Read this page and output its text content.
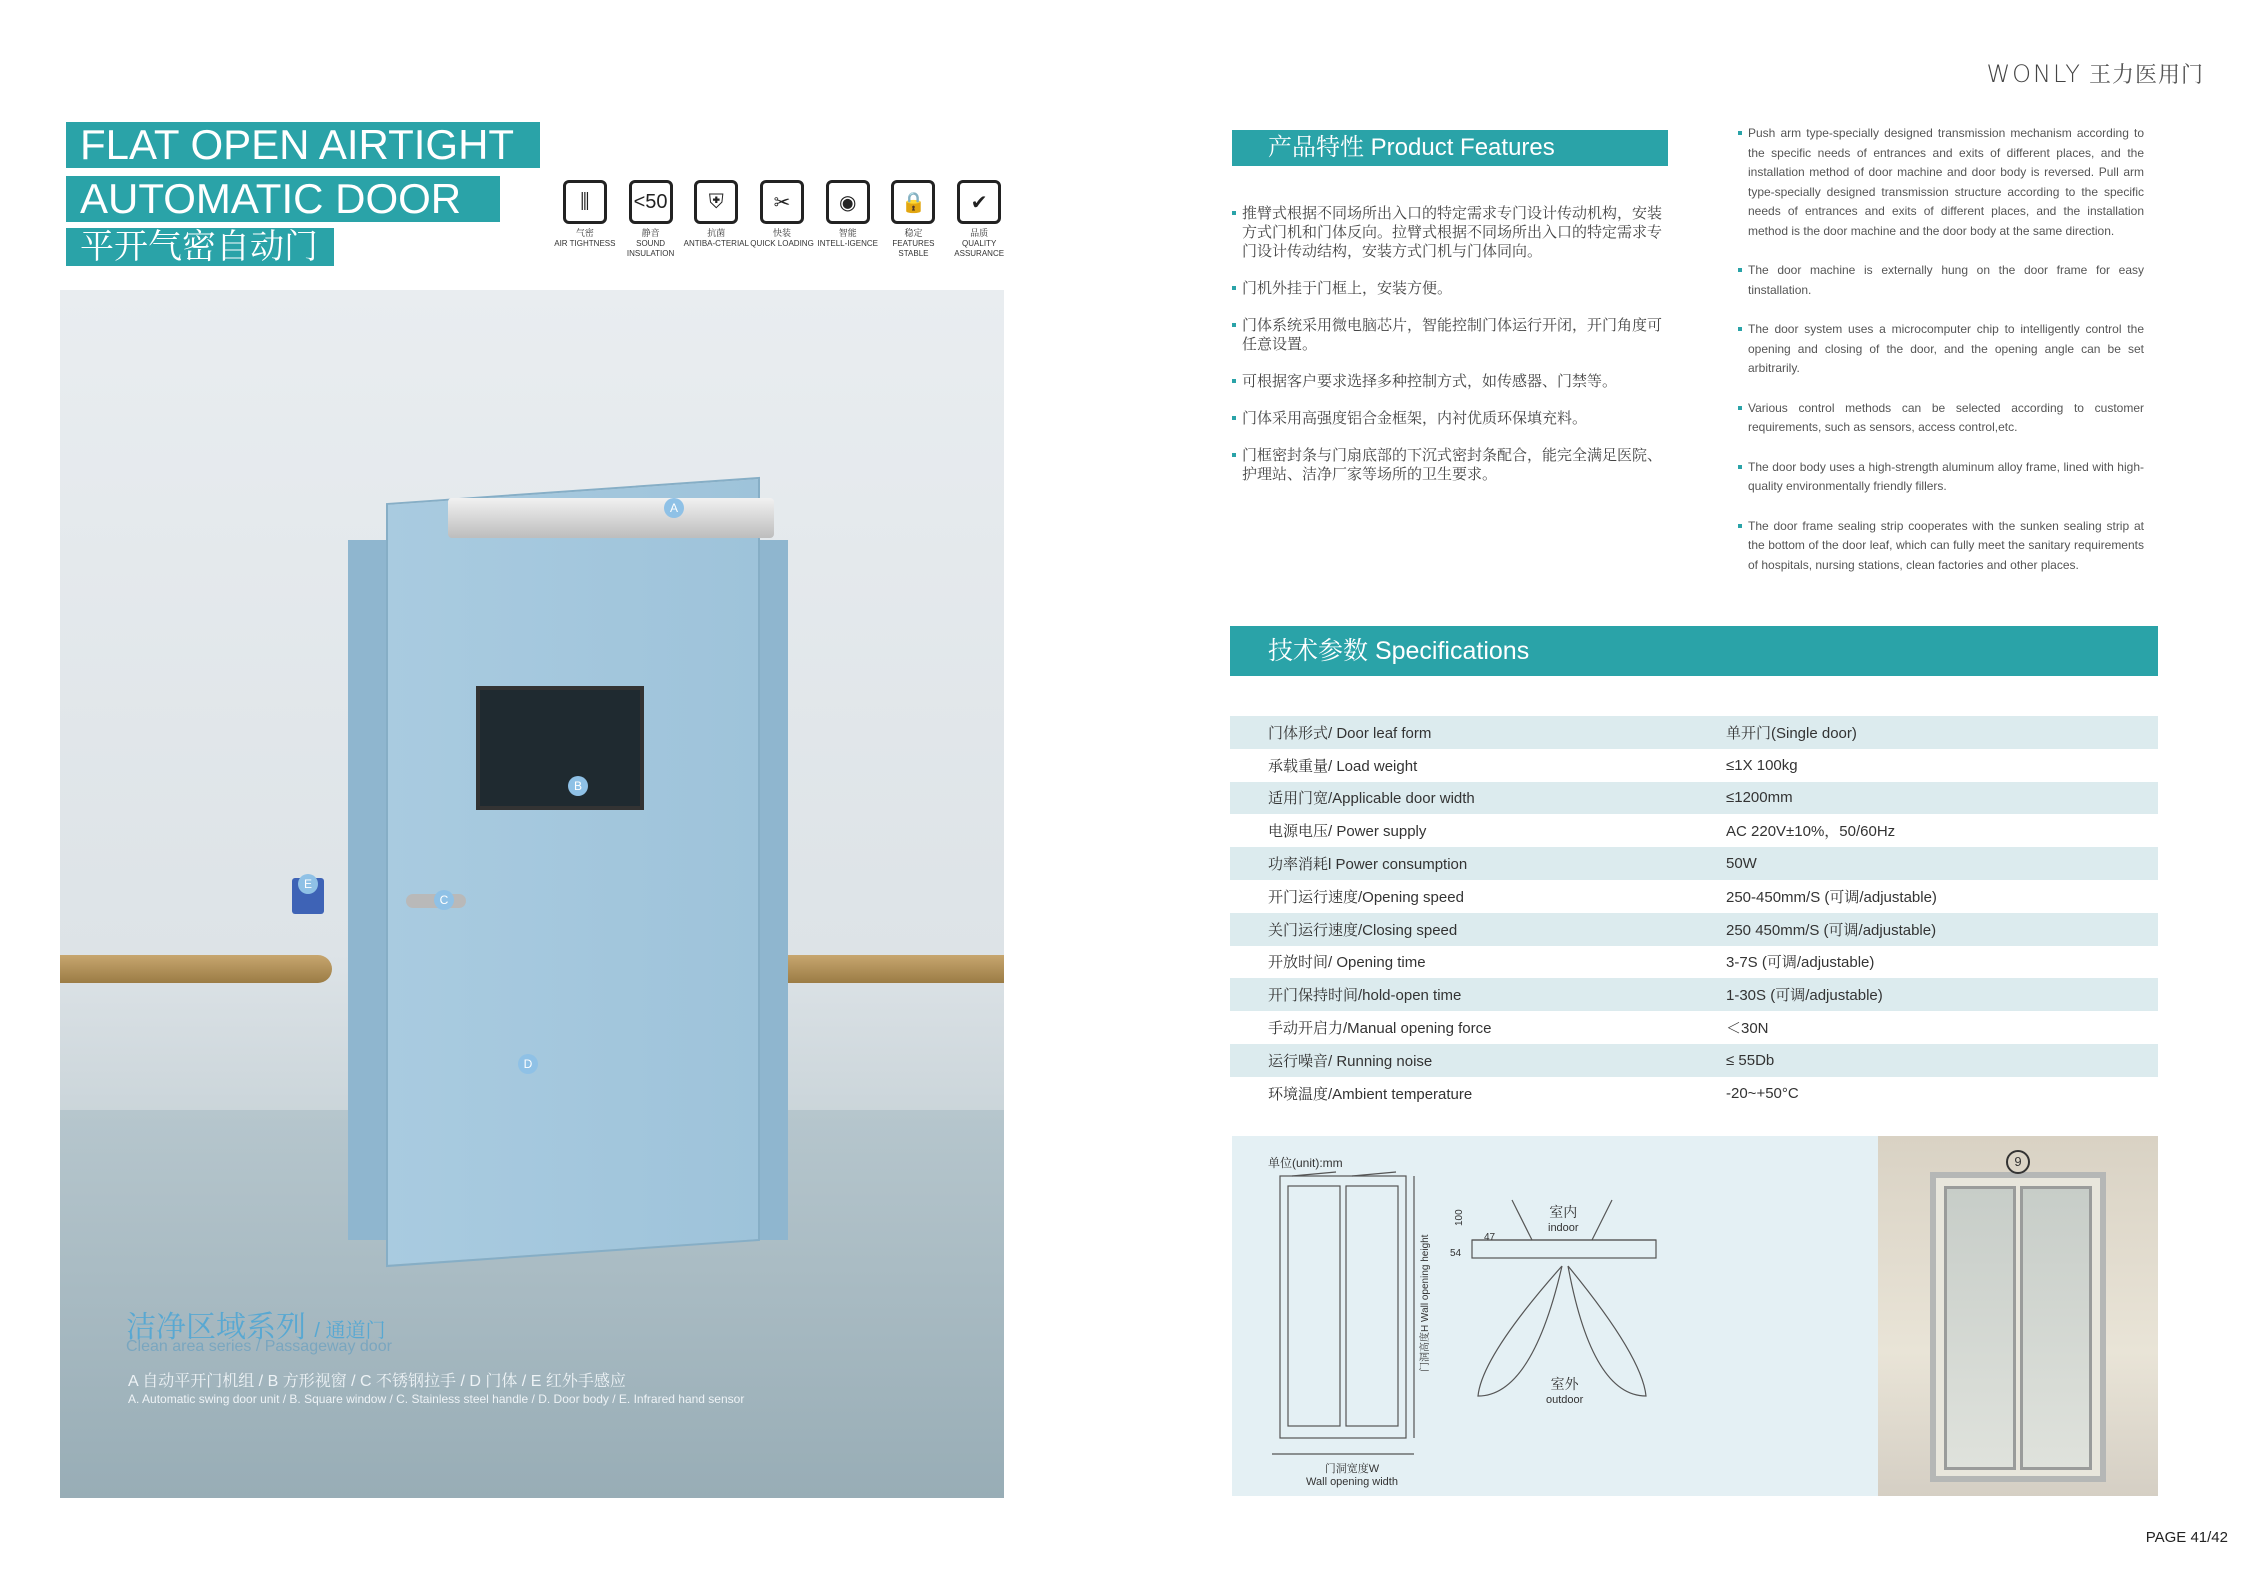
WONLY 王力医用门
FLAT OPEN AIRTIGHT
AUTOMATIC DOOR
平开气密自动门
⫼
气密
AIR TIGHTNESS
<50
静音
SOUND INSULATION
⛨
抗菌
ANTIBA-CTERIAL
✂
快装
QUICK LOADING
◉
智能
INTELL-IGENCE
🔒
稳定
FEATURES STABLE
✔
品质
QUALITY ASSURANCE
A
B
C
D
E
洁净区域系列 / 通道门
Clean area series / Passageway door
A 自动平开门机组 / B 方形视窗 / C 不锈钢拉手 / D 门体 / E 红外手感应
A. Automatic swing door unit / B. Square window / C. Stainless steel handle / D. Door body / E. Infrared hand sensor
产品特性 Product Features
推臂式根据不同场所出入口的特定需求专门设计传动机构，安装方式门机和门体反向。拉臂式根据不同场所出入口的特定需求专门设计传动结构，安装方式门机与门体同向。
门机外挂于门框上，安装方便。
门体系统采用微电脑芯片，智能控制门体运行开闭，开门角度可任意设置。
可根据客户要求选择多种控制方式，如传感器、门禁等。
门体采用高强度铝合金框架，内衬优质环保填充料。
门框密封条与门扇底部的下沉式密封条配合，能完全满足医院、护理站、洁净厂家等场所的卫生要求。
Push arm type-specially designed transmission mechanism according to the specific needs of entrances and exits of different places, and the installation method of door machine and door body is reversed. Pull arm type-specially designed transmission structure according to the specific needs of entrances and exits of different places, and the installation method is the door machine and the door body at the same direction.
The door machine is externally hung on the door frame for easy tinstallation.
The door system uses a microcomputer chip to intelligently control the opening and closing of the door, and the opening angle can be set arbitrarily.
Various control methods can be selected according to customer requirements, such as sensors, access control,etc.
The door body uses a high-strength aluminum alloy frame, lined with high-quality environmentally friendly fillers.
The door frame sealing strip cooperates with the sunken sealing strip at the bottom of the door leaf, which can fully meet the sanitary requirements of hospitals, nursing stations, clean factories and other places.
技术参数 Specifications
门体形式/ Door leaf form	单开门(Single door)
承载重量/ Load weight	≤1X 100kg
适用门宽/Applicable door width	≤1200mm
电源电压/ Power supply	AC 220V±10%，50/60Hz
功率消耗l Power consumption	50W
开门运行速度/Opening speed	250-450mm/S (可调/adjustable)
关门运行速度/Closing speed	250 450mm/S (可调/adjustable)
开放时间/ Opening time	3-7S (可调/adjustable)
开门保持时间/hold-open time	1-30S (可调/adjustable)
手动开启力/Manual opening force	＜30N
运行噪音/ Running noise	≤ 55Db
环境温度/Ambient temperature	-20~+50°C
室内
indoor
室外
outdoor
门洞宽度W
Wall opening width
门洞高度H Wall opening height
100
54
47
单位(unit):mm	9
PAGE 41/42
